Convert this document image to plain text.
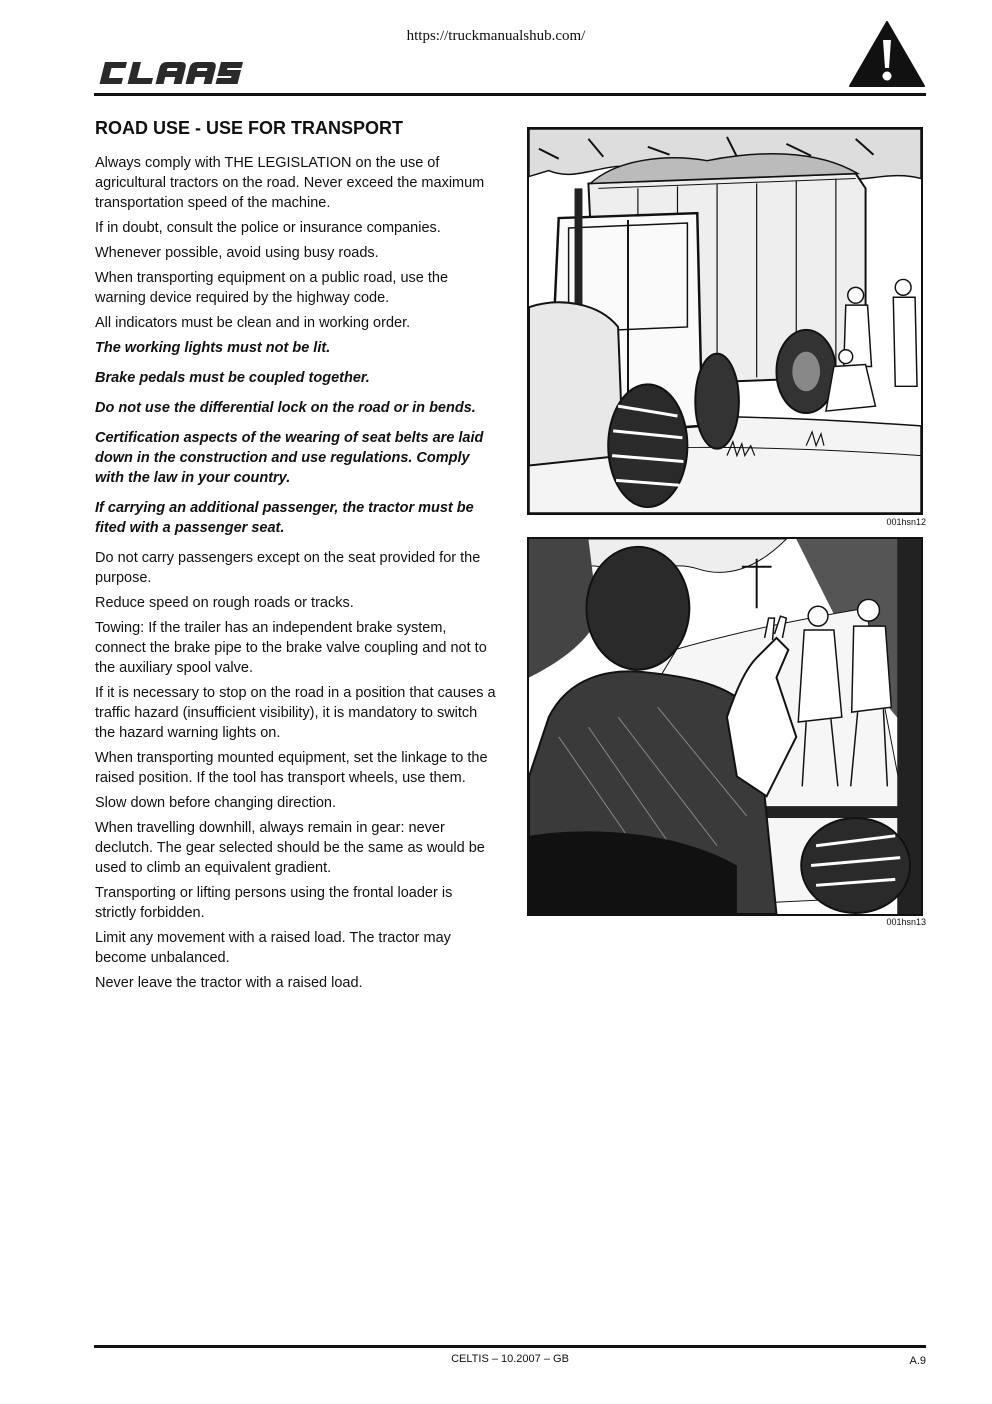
https://truckmanualshub.com/
ROAD USE - USE FOR TRANSPORT

Always comply with THE LEGISLATION on the use of agricultural tractors on the road. Never exceed the maximum transportation speed of the machine.

If in doubt, consult the police or insurance companies.

Whenever possible, avoid using busy roads.

When transporting equipment on a public road, use the warning device required by the highway code.

All indicators must be clean and in working order.

The working lights must not be lit.

Brake pedals must be coupled together.

Do not use the differential lock on the road or in bends.

Certification aspects of the wearing of seat belts are laid down in the construction and use regulations. Comply with the law in your country.

If carrying an additional passenger, the tractor must be fited with a passenger seat.

Do not carry passengers except on the seat provided for the purpose.

Reduce speed on rough roads or tracks.

Towing: If the trailer has an independent brake system, connect the brake pipe to the brake valve coupling and not to the auxiliary spool valve.

If it is necessary to stop on the road in a position that causes a traffic hazard (insufficient visibility), it is mandatory to switch the hazard warning lights on.

When transporting mounted equipment, set the linkage to the raised position. If the tool has transport wheels, use them.

Slow down before changing direction.

When travelling downhill, always remain in gear: never declutch. The gear selected should be the same as would be used to climb an equivalent gradient.

Transporting or lifting persons using the frontal loader is strictly forbidden.

Limit any movement with a raised load. The tractor may become unbalanced.

Never leave the tractor with a raised load.

001hsn12
001hsn13
CELTIS – 10.2007 – GB	A.9
